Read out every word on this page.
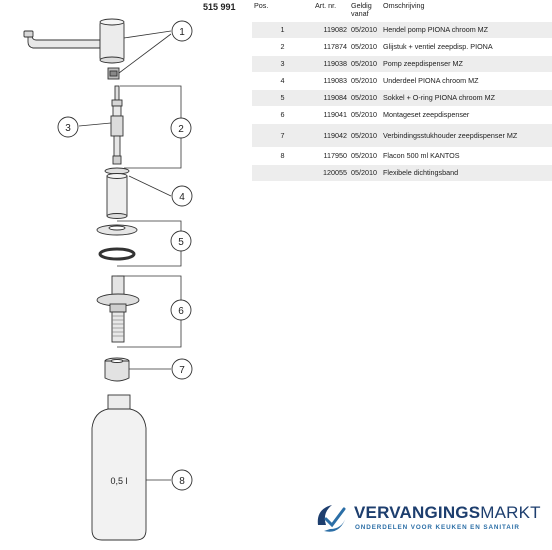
0,5 l
1
2
3
4
5
6
7
8
515 991	Pos.	Art. nr.	Geldig vanaf	Omschrijving
1	119082	05/2010	Hendel pomp PIONA chroom MZ
2	117874	05/2010	Glijstuk + ventiel zeepdisp. PIONA
3	119038	05/2010	Pomp zeepdispenser MZ
4	119083	05/2010	Underdeel PIONA chroom MZ
5	119084	05/2010	Sokkel + O-ring PIONA chroom MZ
6	119041	05/2010	Montageset zeepdispenser
7	119042	05/2010	Verbindingsstukhouder zeepdispenser MZ
8	117950	05/2010	Flacon 500 ml KANTOS
	120055	05/2010	Flexibele dichtingsband
VERVANGINGSMARKT
ONDERDELEN VOOR KEUKEN EN SANITAIR
